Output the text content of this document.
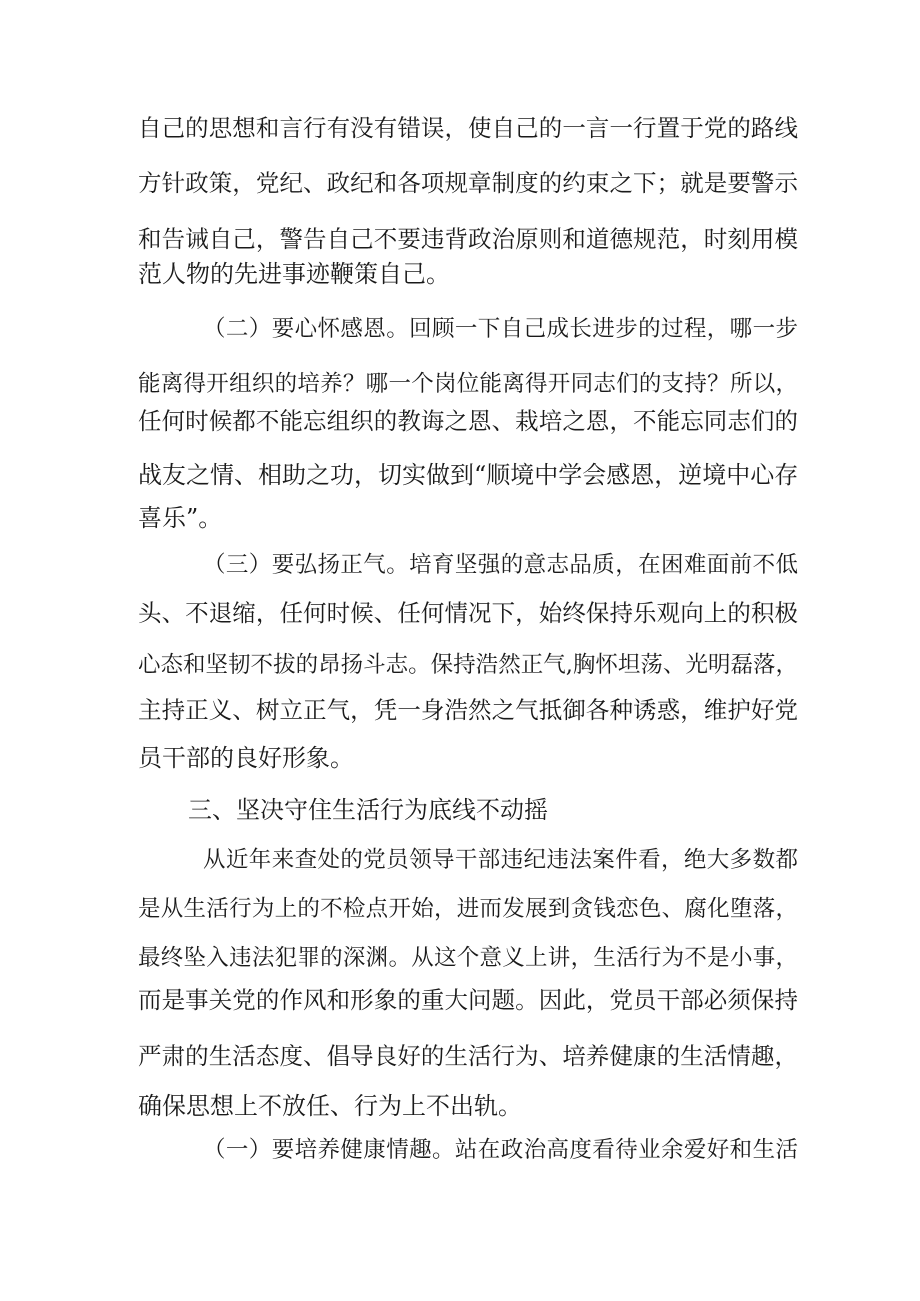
自己的思想和言行有没有错误，使自己的一言一行置于党的路线
方针政策，党纪、政纪和各项规章制度的约束之下；就是要警示
和告诫自己，警告自己不要违背政治原则和道德规范，时刻用模
范人物的先进事迹鞭策自己。
（二）要心怀感恩。回顾一下自己成长进步的过程，哪一步
能离得开组织的培养？哪一个岗位能离得开同志们的支持？所以，
任何时候都不能忘组织的教诲之恩、栽培之恩，不能忘同志们的
战友之情、相助之功，切实做到“顺境中学会感恩，逆境中心存
喜乐”。
（三）要弘扬正气。培育坚强的意志品质，在困难面前不低
头、不退缩，任何时候、任何情况下，始终保持乐观向上的积极
心态和坚韧不拔的昂扬斗志。保持浩然正气,胸怀坦荡、光明磊落，
主持正义、树立正气，凭一身浩然之气抵御各种诱惑，维护好党
员干部的良好形象。
三、坚决守住生活行为底线不动摇
从近年来查处的党员领导干部违纪违法案件看，绝大多数都
是从生活行为上的不检点开始，进而发展到贪钱恋色、腐化堕落，
最终坠入违法犯罪的深渊。从这个意义上讲，生活行为不是小事，
而是事关党的作风和形象的重大问题。因此，党员干部必须保持
严肃的生活态度、倡导良好的生活行为、培养健康的生活情趣，
确保思想上不放任、行为上不出轨。
（一）要培养健康情趣。站在政治高度看待业余爱好和生活
